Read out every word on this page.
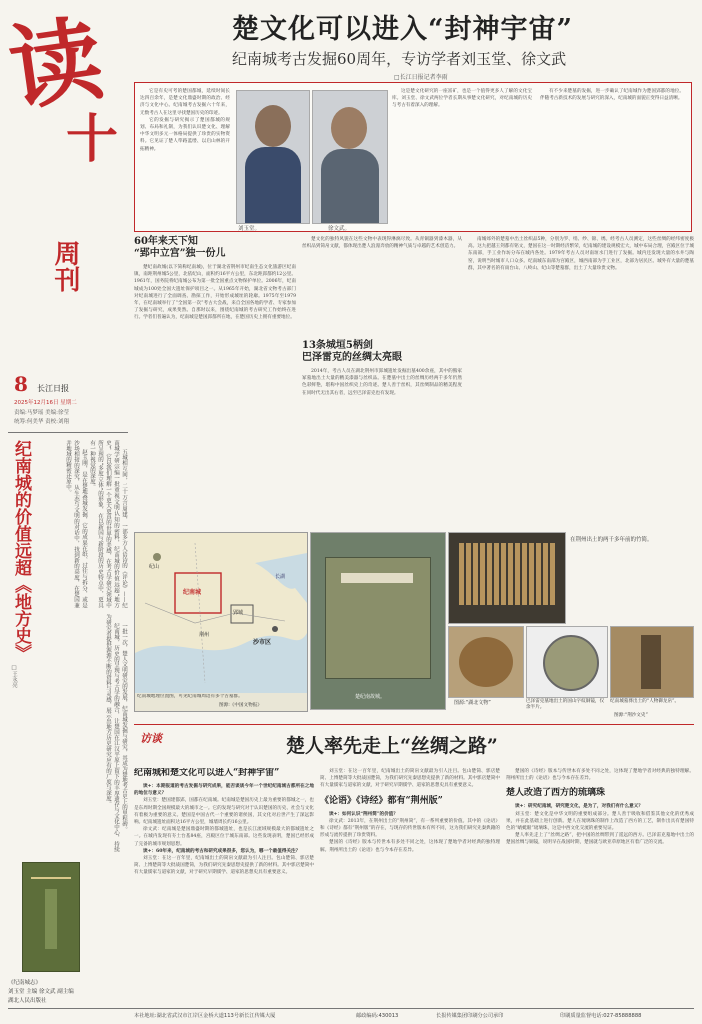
读
十
周刊
8 长江日报
2025年12月16日 星期二
责编:马梦瑶 美编:徐莹
统筹:何美华 责校:刘翔
楚文化可以进入“封神宇宙”
纪南城考古发掘60周年，专访学者刘玉堂、徐文武
□长江日报记者李雨

它是有史可考的楚国都城，延续时间长达四百余年，是楚文化鼎盛时期的政治、经济与文化中心。纪南城考古发掘六十年来，无数考古人在这里寻找楚国历史的印迹。

它的发掘与研究揭示了楚国都城的规划、布局和礼制，为我们认识楚文化、理解中华文明多元一体格局提供了珍贵的实物资料。它见证了楚人筚路蓝缕、以启山林的开拓精神。

刘玉堂。	徐文武。

这是楚文化研究的一座富矿，也是一个值得更多人了解的文化宝库。刘玉堂、徐文武两位学者长期从事楚文化研究，对纪南城的历史与考古有着深入的理解。

有不少来楚墓的发掘，进一步确认了纪南城作为楚国郢都的地位。伴随考古新技术的发展与研究的深入，纪南城的面貌正变得日益清晰。

五城相互间，二十万言周建，一部多方人语诗的《评论》——纪南城学研宗编一批重视文明认知的密料，纪南城的价值远超“地方史”，它以我们理解一个更大更真的世界的美感，在考古学研究领域中所呈现的“多度立体”的形象，在以新国与新阶段的历史特点中，更具有一种视觉的深度。

赵玉刚，是在楚地叠城发掘，它的成果在纸、过往与拆分，或是沙场相接的深究，从生态与文明的对话中，找到新的高度，在楚国兼并地域的精密还原中。

纪南城的价值远超《地方史》
□王永亮	一批一次，楚人文明研究的发展，纪南城发掘与研究，其成为楚地考古史上的里程碑。

纪南城，历史的呈现与考古学的融合，让楚国在江汉平原上留下的丰厚遗存与文化中心，持续为研究者提供源源不断的资料与灵感，展示出地方历史研究应有的广度与深度。

《纪南城志》
刘玉堂 主编 徐文武 副主编
湖北人民出版社
60年来天下知
“郢中立宫”独一份儿

楚纪南故城(以下简称纪南城)，位于湖北省荆州市纪南生态文化旅游区纪南镇，南距荆州城5公里，北依纪山，面积约16平方公里，东北距郢都约12公里。1961年，国务院将纪南城公布为第一批全国重点文物保护单位。2006年，纪南城成为100处全国大遗址保护项目之一。从1965年开始，湖北省文物考古部门对纪南城进行了全面调查、勘探工作，开始形成城址的轮廓。1975年至1979年，在纪南城举行了“全国第一次”考古大会战，来自全国各地的学者、专家参加了发掘与研究，成果斐然。自那时以来，围绕纪南城的考古研究工作始终在进行。学者们普遍认为，纪南城是楚国郢都所在地，在楚国历史上拥有重要地位。

楚文化的独特风貌在这些文物中表现得淋漓尽致。从青铜器到漆木器，从丝织品到简帛文献，都体现出楚人浪漫奔放的精神气质与卓越的艺术创造力。

13条城垣5柄剑
巴泽雷克的丝绸太亮眼

2014年，考古人员在湖北荆州市郢城遗址发掘出墓400余座，其中的熊家冢墓地出土大量的精美漆器与丝织品。在楚墓中出土的丝绸历经两千多年仍然色彩鲜艳，堪称中国丝织史上的奇迹。楚人善于丝织，其丝绸制品的精美程度在同时代无出其右者，远至巴泽雷克也有发现。

南城郊外的楚墓中出土丝织品5种，分别为罗、绢、纱、锦、绣。经考古人员测定，这些丝绸的经纬密度极高。这九把越王剑都有铭文，楚国在这一时期经济繁荣，纪南城的建设规模宏大，城中布局合理，宫殿区位于城东南部，手工业作坊分布在城内各处。1979年考古人员对南垣水门进行了发掘。城内还发现大量的水井与陶窑，说明当时城市人口众多。纪南城东南部为宫殿区，城西南部为手工业区，北部为居民区。城外有大量的楚墓群，其中著名的有雨台山、八岭山、纪山等楚墓群，出土了大量珍贵文物。

纪南城
郢城
荆州
长湖
沙市区
纪山
纪南城地理位置图，可见纪南城周边有多个古墓群。
图源:《中国文物报》
楚纪南故城。
在荆州出土的两千多年前的竹简。
图源:“湖北文物”	巴泽雷克墓地出土的国山字纹铜镜，仅余半片。
纪南城墓葬出土的“人物御龙帛”。
图源:“荆沙文史”
访谈	楚人率先走上“丝绸之路”
纪南城和楚文化可以进入“封神宇宙”

读+：本期报道的考古发掘与研究成果，能否谈谈今年一个世纪纪南城古都所在之地的地位与意义？

刘玉堂：楚国建都郢，国都在纪南城。纪南城是楚国历史上最为重要的都城之一，也是东周时期全国规模最大的城市之一。它的发现与研究对于认识楚国的历史、社会与文化有着极为重要的意义。楚国是中国古代一个重要的诸侯国，其文化对后世产生了深远影响。纪南城遗址面积达16平方公里，城墙周长约16公里。

徐文武：纪南城是楚国鼎盛时期的都城遗址，也是长江流域规模最大的都城遗址之一。在城内发现有夯土台基84座，宫殿区位于城东南部。这些发现表明，楚国已经形成了完备的城市规划思想。

读+：60年来，纪南城的考古和研究成果很多，您认为，哪一个最值得关注？

刘玉堂：在这一百年里，纪南城出土的简帛文献最为引人注目。包山楚简、郭店楚简、上博楚简等大批战国楚简，为我们研究先秦思想史提供了新的材料。其中郭店楚简中有大量儒家与道家的文献，对于研究早期儒学、道家的思想史具有重要意义。

刘玉堂：在这一百年里，纪南城出土的简帛文献最为引人注目。包山楚简、郭店楚简、上博楚简等大批战国楚简，为我们研究先秦思想史提供了新的材料。其中郭店楚简中有大量儒家与道家的文献，对于研究早期儒学、道家的思想史具有重要意义。

《论语》《诗经》都有“荆州版”

读+：如何认识“荆州简”的价值？

徐文武：2013年，在荆州出土的“荆州简”，有一系列重要的价值。其中的《论语》和《诗经》都有“荆州版”的存在，与现存的传世版本有所不同，这为我们研究先秦典籍的形成与流传提供了珍贵资料。

楚国的《诗经》版本与传世本有多处不同之处，这体现了楚地学者对经典的独特理解。荆州所出土的《论语》也与今本存在差异。

楚国的《诗经》版本与传世本有多处不同之处，这体现了楚地学者对经典的独特理解。荆州所出土的《论语》也与今本存在差异。

楚人改造了西方的琉璃珠

读+：研究纪南城，研究楚文化，是为了，对我们有什么意义？

刘玉堂：楚文化是中华文明的重要组成部分。楚人善于吸收和借鉴其他文化的优秀成果，并在此基础上进行创新。楚人在琉璃珠的制作上改造了西方的工艺，制作出具有楚国特色的“蜻蜓眼”琉璃珠，这是中西文化交流的重要见证。

楚人率先走上了“丝绸之路”，把中国的丝绸带到了遥远的西方。巴泽雷克墓地中出土的楚国丝绸与铜镜，说明早在战国时期，楚国就与欧亚草原地区有着广泛的交流。

本社地址:湖北省武汉市江岸区金桥大道113号新长江传媒大厦	邮政编码:430013	长报传媒集团印刷分公司承印	印刷质量监督电话:027-85888888
